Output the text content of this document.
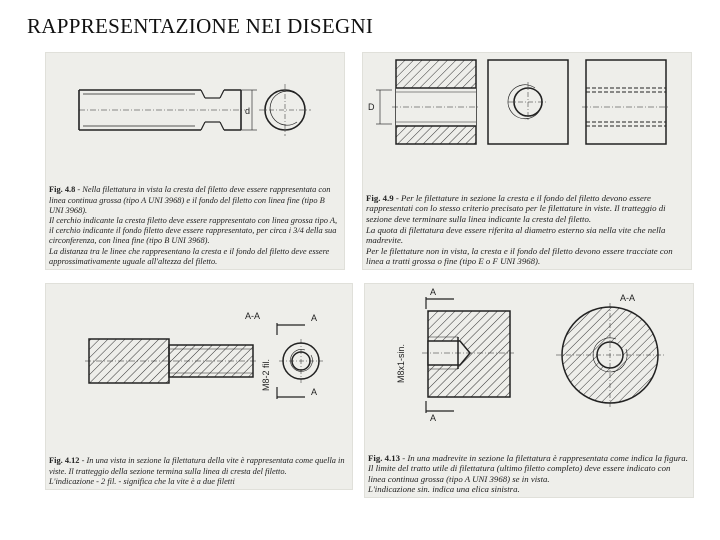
RAPPRESENTAZIONE NEI DISEGNI
d

Fig. 4.8 - Nella filettatura in vista la cresta del filetto deve essere rappresentata con linea continua grossa (tipo A UNI 3968) e il fondo del filetto con linea fine (tipo B UNI 3968).

Il cerchio indicante la cresta filetto deve essere rappresentato con linea grossa tipo A, il cerchio indicante il fondo filetto deve essere rappresentato, per circa i 3/4 della sua circonferenza, con linea fine (tipo B UNI 3968).

La distanza tra le linee che rappresentano la cresta e il fondo del filetto deve essere approssimativamente uguale all'altezza del filetto.

D

Fig. 4.9 - Per le filettature in sezione la cresta e il fondo del filetto devono essere rappresentati con lo stesso criterio precisato per le filettature in viste. Il tratteggio di sezione deve terminare sulla linea indicante la cresta del filetto.

La quota di filettatura deve essere riferita al diametro esterno sia nella vite che nella madrevite.

Per le filettature non in vista, la cresta e il fondo del filetto devono essere tracciate con linea a tratti grossa o fine (tipo E o F UNI 3968).

A-A	A
A
M8-2 fil.

Fig. 4.12 - In una vista in sezione la filettatura della vite è rappresentata come quella in viste. Il tratteggio della sezione termina sulla linea di cresta del filetto.

L'indicazione - 2 fil. - significa che la vite è a due filetti

A-A
A
A
M8x1-sin.

Fig. 4.13 - In una madrevite in sezione la filettatura è rappresentata come indica la figura. Il limite del tratto utile di filettatura (ultimo filetto completo) deve essere indicato con linea continua grossa (tipo A UNI 3968) se in vista.

L'indicazione sin. indica una elica sinistra.
